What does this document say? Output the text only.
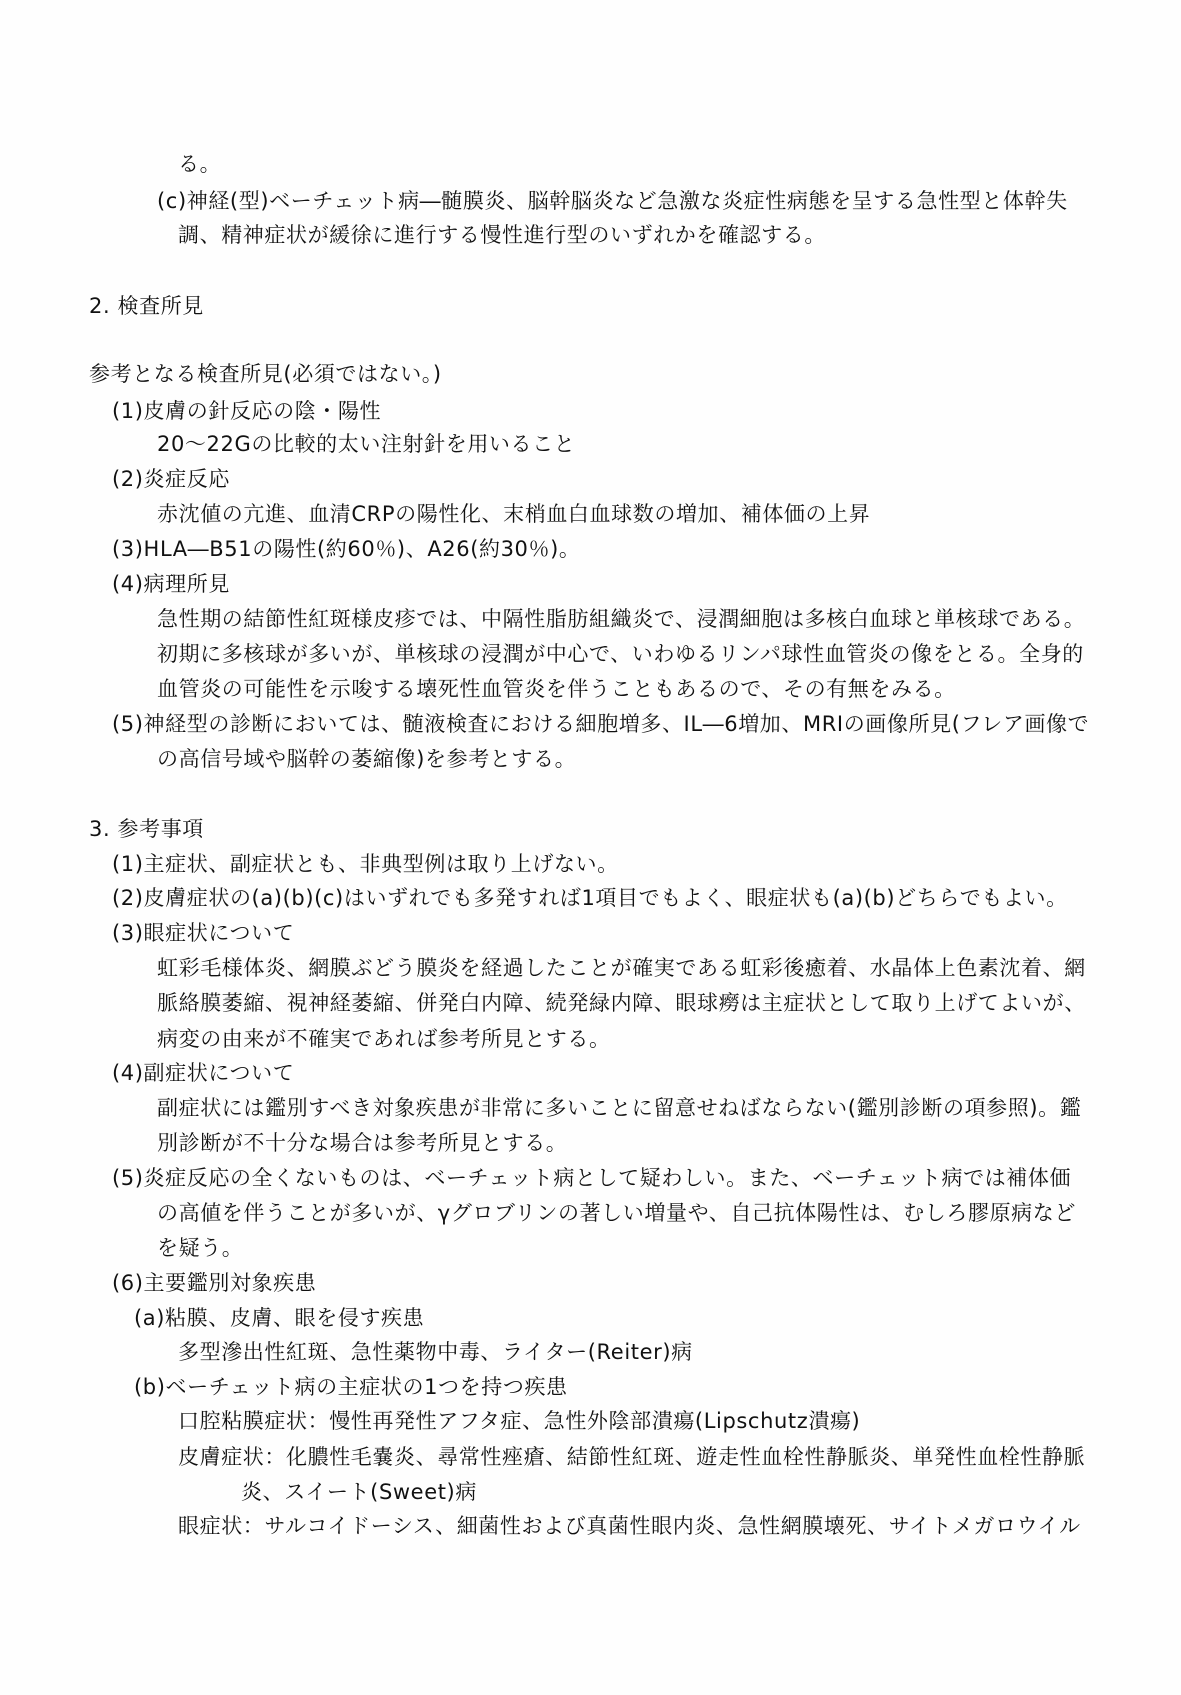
る。
(c)神経(型)ベーチェット病―髄膜炎、脳幹脳炎など急激な炎症性病態を呈する急性型と体幹失
調、精神症状が緩徐に進行する慢性進行型のいずれかを確認する。
2. 検査所見
参考となる検査所見(必須ではない。)
(1)皮膚の針反応の陰・陽性
20～22Gの比較的太い注射針を用いること
(2)炎症反応
赤沈値の亢進、血清CRPの陽性化、末梢血白血球数の増加、補体価の上昇
(3)HLA―B51の陽性(約60％)、A26(約30％)。
(4)病理所見
急性期の結節性紅斑様皮疹では、中隔性脂肪組織炎で、浸潤細胞は多核白血球と単核球である。
初期に多核球が多いが、単核球の浸潤が中心で、いわゆるリンパ球性血管炎の像をとる。全身的
血管炎の可能性を示唆する壊死性血管炎を伴うこともあるので、その有無をみる。
(5)神経型の診断においては、髄液検査における細胞増多、IL―6増加、MRIの画像所見(フレア画像で
の高信号域や脳幹の萎縮像)を参考とする。
3. 参考事項
(1)主症状、副症状とも、非典型例は取り上げない。
(2)皮膚症状の(a)(b)(c)はいずれでも多発すれば1項目でもよく、眼症状も(a)(b)どちらでもよい。
(3)眼症状について
虹彩毛様体炎、網膜ぶどう膜炎を経過したことが確実である虹彩後癒着、水晶体上色素沈着、網
脈絡膜萎縮、視神経萎縮、併発白内障、続発緑内障、眼球癆は主症状として取り上げてよいが、
病変の由来が不確実であれば参考所見とする。
(4)副症状について
副症状には鑑別すべき対象疾患が非常に多いことに留意せねばならない(鑑別診断の項参照)。鑑
別診断が不十分な場合は参考所見とする。
(5)炎症反応の全くないものは、ベーチェット病として疑わしい。また、ベーチェット病では補体価
の高値を伴うことが多いが、γグロブリンの著しい増量や、自己抗体陽性は、むしろ膠原病など
を疑う。
(6)主要鑑別対象疾患
(a)粘膜、皮膚、眼を侵す疾患
多型滲出性紅斑、急性薬物中毒、ライター(Reiter)病
(b)ベーチェット病の主症状の1つを持つ疾患
口腔粘膜症状：慢性再発性アフタ症、急性外陰部潰瘍(Lipschutz潰瘍)
皮膚症状：化膿性毛嚢炎、尋常性痤瘡、結節性紅斑、遊走性血栓性静脈炎、単発性血栓性静脈
炎、スイート(Sweet)病
眼症状：サルコイドーシス、細菌性および真菌性眼内炎、急性網膜壊死、サイトメガロウイル
